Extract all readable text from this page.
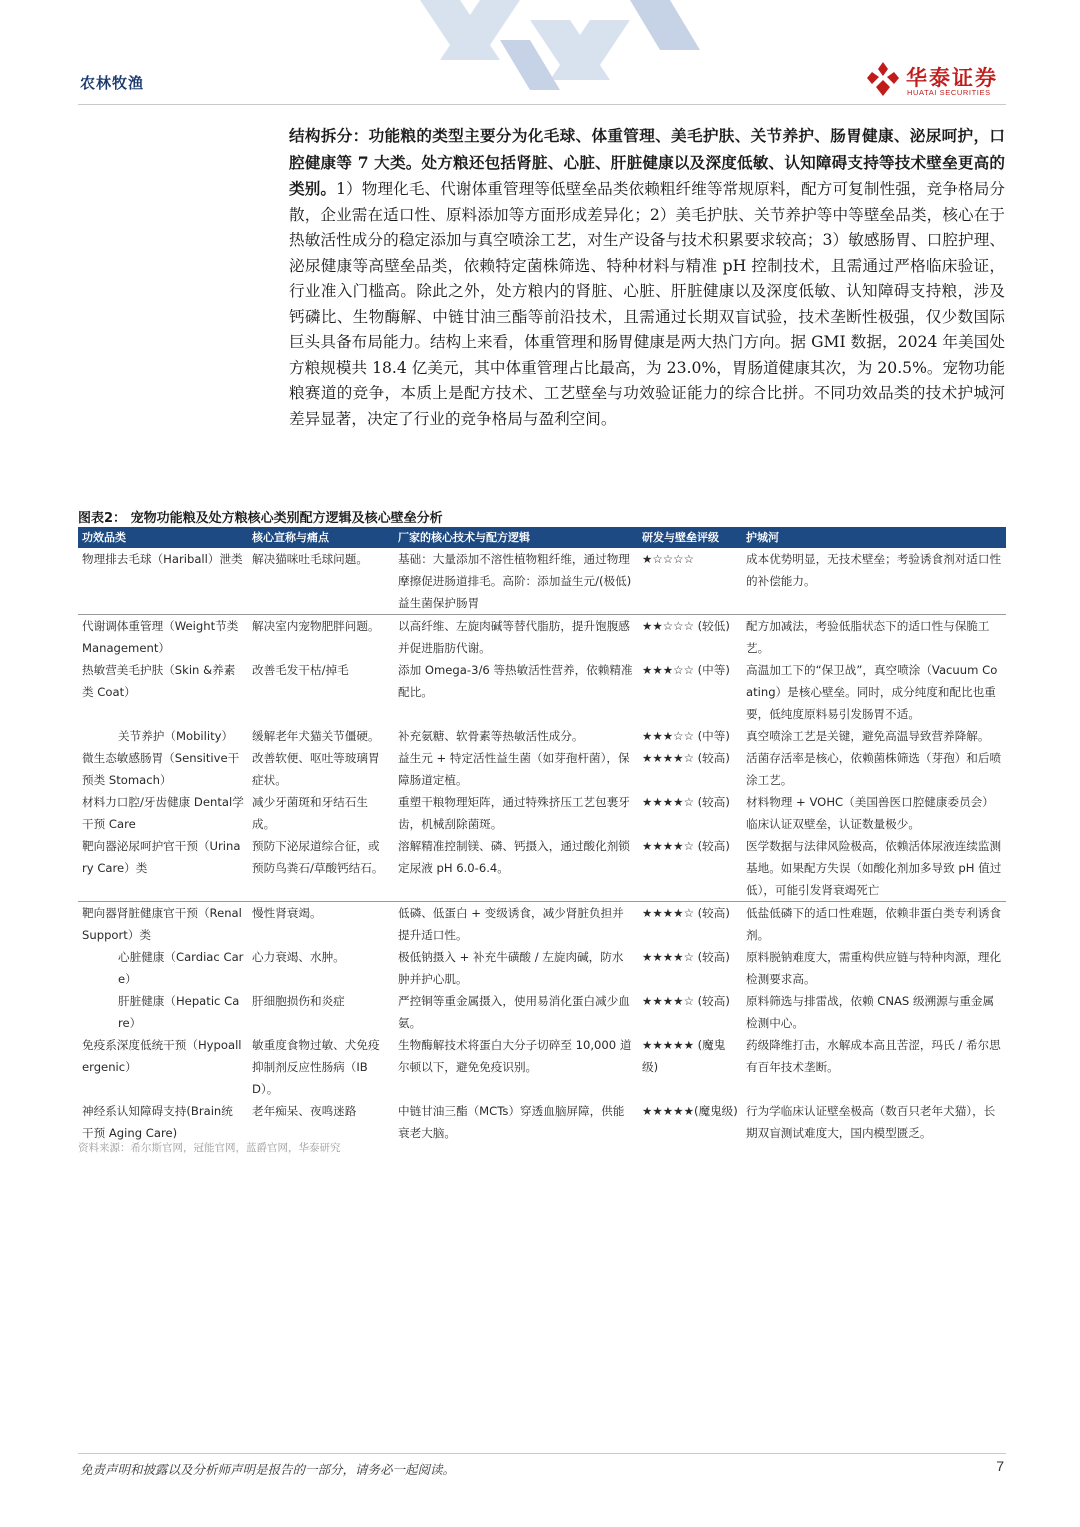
农林牧渔	华泰证券
HUATAI SECURITIES
结构拆分：功能粮的类型主要分为化毛球、体重管理、美毛护肤、关节养护、肠胃健康、泌尿呵护，口腔健康等 7 大类。处方粮还包括肾脏、心脏、肝脏健康以及深度低敏、认知障碍支持等技术壁垒更高的类别。1）物理化毛、代谢体重管理等低壁垒品类依赖粗纤维等常规原料，配方可复制性强，竞争格局分散，企业需在适口性、原料添加等方面形成差异化；2）美毛护肤、关节养护等中等壁垒品类，核心在于热敏活性成分的稳定添加与真空喷涂工艺，对生产设备与技术积累要求较高；3）敏感肠胃、口腔护理、泌尿健康等高壁垒品类，依赖特定菌株筛选、特种材料与精准 pH 控制技术，且需通过严格临床验证，行业准入门槛高。除此之外，处方粮内的肾脏、心脏、肝脏健康以及深度低敏、认知障碍支持粮，涉及钙磷比、生物酶解、中链甘油三酯等前沿技术，且需通过长期双盲试验，技术垄断性极强，仅少数国际巨头具备布局能力。结构上来看，体重管理和肠胃健康是两大热门方向。据 GMI 数据，2024 年美国处方粮规模共 18.4 亿美元，其中体重管理占比最高，为 23.0%，胃肠道健康其次，为 20.5%。宠物功能粮赛道的竞争，本质上是配方技术、工艺壁垒与功效验证能力的综合比拼。不同功效品类的技术护城河差异显著，决定了行业的竞争格局与盈利空间。
图表2： 宠物功能粮及处方粮核心类别配方逻辑及核心壁垒分析
功效品类	核心宣称与痛点	厂家的核心技术与配方逻辑	研发与壁垒评级	护城河
物理排去毛球（Hariball）泄类	解决猫咪吐毛球问题。	基础：大量添加不溶性植物粗纤维，通过物理摩擦促进肠道排毛。高阶：添加益生元/(极低)益生菌保护肠胃	★☆☆☆☆	成本优势明显，无技术壁垒；考验诱食剂对适口性的补偿能力。
代谢调体重管理（Weight节类 Management）	解决室内宠物肥胖问题。	以高纤维、左旋肉碱等替代脂肪，提升饱腹感并促进脂肪代谢。	★★☆☆☆ (较低)	配方加减法，考验低脂状态下的适口性与保脆工艺。
热敏营美毛护肤（Skin &养素类 Coat）	改善毛发干枯/掉毛	添加 Omega-3/6 等热敏活性营养，依赖精准配比。	★★★☆☆ (中等)	高温加工下的“保卫战”，真空喷涂（Vacuum Coating）是核心壁垒。同时，成分纯度和配比也重要，低纯度原料易引发肠胃不适。
关节养护（Mobility）	缓解老年犬猫关节僵硬。	补充氨糖、软骨素等热敏活性成分。	★★★☆☆ (中等)	真空喷涂工艺是关键，避免高温导致营养降解。
微生态敏感肠胃（Sensitive干预类 Stomach）	改善软便、呕吐等玻璃胃症状。	益生元 + 特定活性益生菌（如芽孢杆菌），保障肠道定植。	★★★★☆ (较高)	活菌存活率是核心，依赖菌株筛选（芽孢）和后喷涂工艺。
材料力口腔/牙齿健康 Dental学干预 Care	减少牙菌斑和牙结石生成。	重塑干粮物理矩阵，通过特殊挤压工艺包裹牙齿，机械刮除菌斑。	★★★★☆ (较高)	材料物理 + VOHC（美国兽医口腔健康委员会）临床认证双壁垒，认证数量极少。
靶向器泌尿呵护官干预（Urinary Care）类	预防下泌尿道综合征，或预防鸟粪石/草酸钙结石。	溶解精准控制镁、磷、钙摄入，通过酸化剂锁定尿液 pH 6.0-6.4。	★★★★☆ (较高)	医学数据与法律风险极高，依赖活体尿液连续监测基地。如果配方失误（如酸化剂加多导致 pH 值过低），可能引发肾衰竭死亡
靶向器肾脏健康官干预（Renal Support）类	慢性肾衰竭。	低磷、低蛋白 + 变级诱食，减少肾脏负担并提升适口性。	★★★★☆ (较高)	低盐低磷下的适口性难题，依赖非蛋白类专利诱食剂。
心脏健康（Cardiac Care）	心力衰竭、水肿。	极低钠摄入 + 补充牛磺酸 / 左旋肉碱，防水肿并护心肌。	★★★★☆ (较高)	原料脱钠难度大，需重构供应链与特种肉源，理化检测要求高。
肝脏健康（Hepatic Care）	肝细胞损伤和炎症	严控铜等重金属摄入，使用易消化蛋白减少血氨。	★★★★☆ (较高)	原料筛选与排雷战，依赖 CNAS 级溯源与重金属检测中心。
免疫系深度低统干预（Hypoallergenic）	敏重度食物过敏、犬免疫抑制剂反应性肠病（IBD）。	生物酶解技术将蛋白大分子切碎至 10,000 道尔顿以下，避免免疫识别。	★★★★★ (魔鬼级)	药级降维打击，水解成本高且苦涩，玛氏 / 希尔思有百年技术垄断。
神经系认知障碍支持(Brain统干预 Aging Care)	老年痴呆、夜鸣迷路	中链甘油三酯（MCTs）穿透血脑屏障，供能衰老大脑。	★★★★★(魔鬼级)	行为学临床认证壁垒极高（数百只老年犬猫），长期双盲测试难度大，国内模型匮乏。
资料来源：希尔斯官网，冠能官网，蓝爵官网，华泰研究
免责声明和披露以及分析师声明是报告的一部分，请务必一起阅读。	7
